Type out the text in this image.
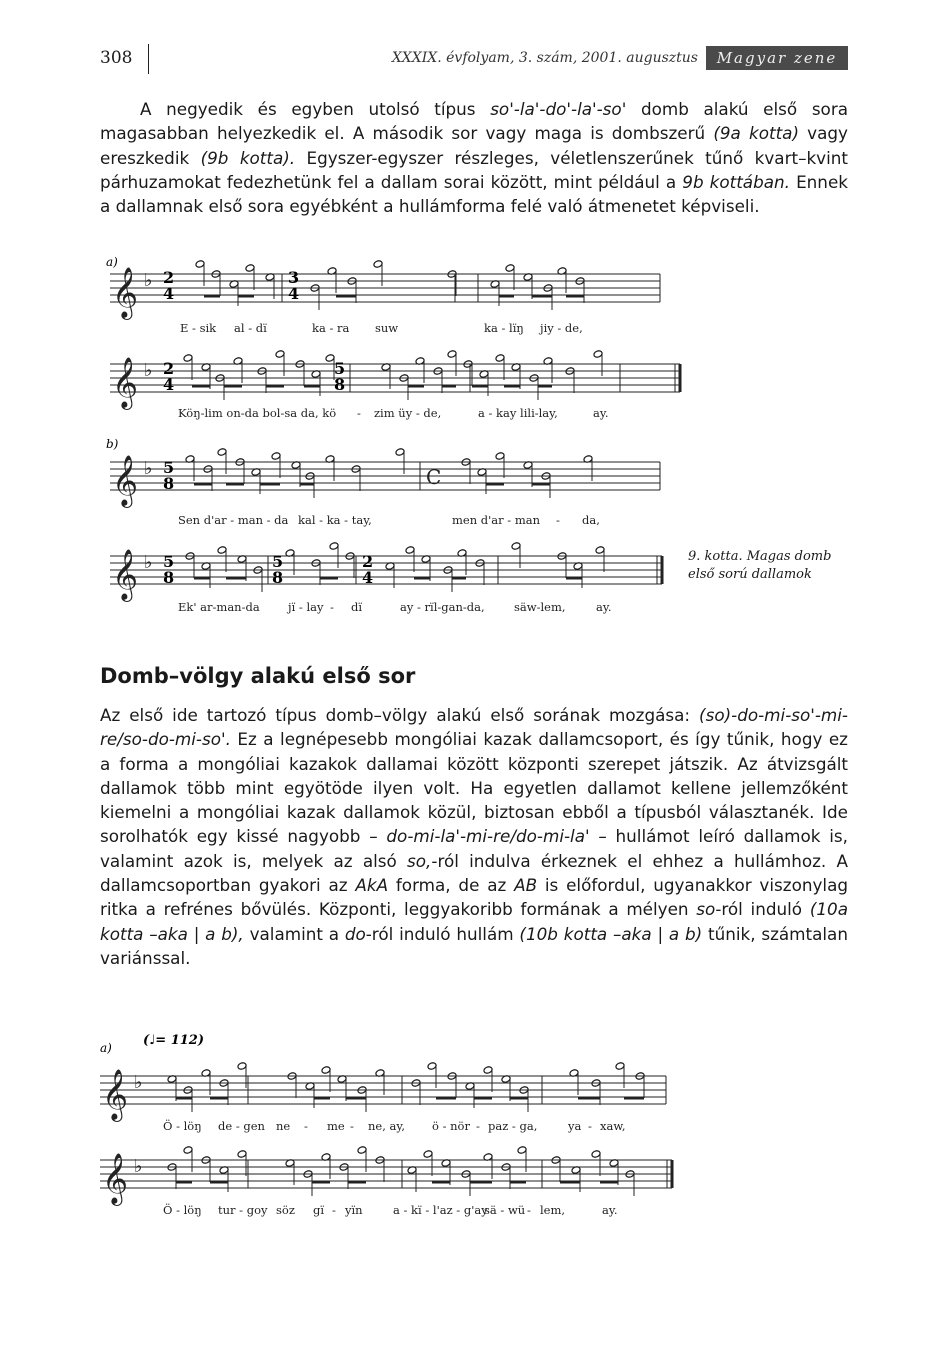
308	XXXIX. évfolyam, 3. szám, 2001. augusztus	Magyar zene

A negyedik és egyben utolsó típus so'-la'-do'-la'-so' domb alakú első sora magasabban helyezkedik el. A második sor vagy maga is dombszerű (9a kotta) vagy ereszkedik (9b kotta). Egyszer-egyszer részleges, véletlenszerűnek tűnő kvart–kvint párhuzamokat fedezhetünk fel a dallam sorai között, mint például a 9b kottában. Ennek a dallamnak első sora egyébként a hullámforma felé való átmenetet képviseli.

𝄞 ♭
𝄞 ♭
𝄞 ♭
𝄞 ♭
𝄞 ♭
𝄞 ♭
C
a)
b)
a) (♩= 112)
2
4
3
4
2
4
5
8
5
8
5
8
5
8
2
4
E - sik al - dï	ka - ra suw	ka - lïŋ jiy - de,
Köŋ-lim on-da bol-sa da, kö - zim üy - de,	a - kay lili-lay,	ay.
Sen d'ar - man - da kal - ka - tay,	men d'ar - man - da,
Ek' ar-man-da jï - lay - dï	ay - rïl-gan-da,	säw-lem,	ay.
Ö - löŋ de - gen ne - me - ne, ay, ö - nör - paz - ga,	ya - xaw,
Ö - löŋ tur - goy söz gï - yïn	a - kï - l'az - g'ay
sä - wü - lem,	ay.
9. kotta. Magas domb
első sorú dallamok
Domb–völgy alakú első sor

Az első ide tartozó típus domb–völgy alakú első sorának mozgása: (so)-do-mi-so'-mi-re/so-do-mi-so'. Ez a legnépesebb mongóliai kazak dallamcsoport, és így tűnik, hogy ez a forma a mongóliai kazakok dallamai között központi szerepet játszik. Az átvizsgált dallamok több mint egyötöde ilyen volt. Ha egyetlen dallamot kellene jellemzőként kiemelni a mongóliai kazak dallamok közül, biztosan ebből a típusból választanék. Ide sorolhatók egy kissé nagyobb – do-mi-la'-mi-re/do-mi-la' – hullámot leíró dallamok is, valamint azok is, melyek az alsó so,-ról indulva érkeznek el ehhez a hullámhoz. A dallamcsoportban gyakori az AkA forma, de az AB is előfordul, ugyanakkor viszonylag ritka a refrénes bővülés. Központi, leggyakoribb formának a mélyen so-ról induló (10a kotta –aka | a b), valamint a do-ról induló hullám (10b kotta –aka | a b) tűnik, számtalan variánssal.
